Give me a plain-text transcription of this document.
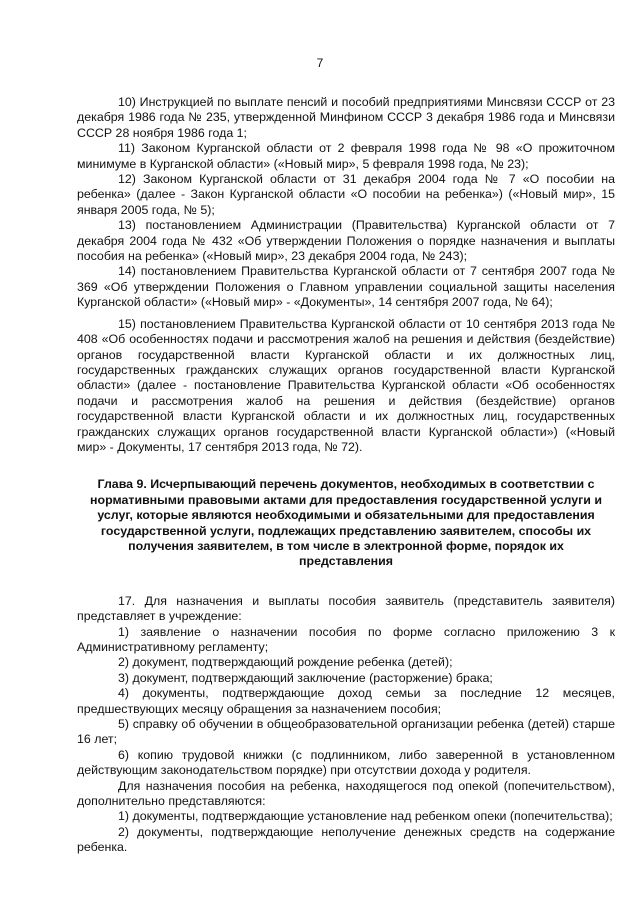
7

10) Инструкцией по выплате пенсий и пособий предприятиями Минсвязи СССР от 23 декабря 1986 года № 235, утвержденной Минфином СССР 3 декабря 1986 года и Минсвязи СССР 28 ноября 1986 года 1;

11) Законом Курганской области от 2 февраля 1998 года № 98 «О прожиточном минимуме в Курганской области» («Новый мир», 5 февраля 1998 года, № 23);

12) Законом Курганской области от 31 декабря 2004 года № 7 «О пособии на ребенка» (далее - Закон Курганской области «О пособии на ребенка») («Новый мир», 15 января 2005 года, № 5);

13) постановлением Администрации (Правительства) Курганской области от 7 декабря 2004 года № 432 «Об утверждении Положения о порядке назначения и выплаты пособия на ребенка» («Новый мир», 23 декабря 2004 года, № 243);

14) постановлением Правительства Курганской области от 7 сентября 2007 года № 369 «Об утверждении Положения о Главном управлении социальной защиты населения Курганской области» («Новый мир» - «Документы», 14 сентября 2007 года, № 64);

15) постановлением Правительства Курганской области от 10 сентября 2013 года № 408 «Об особенностях подачи и рассмотрения жалоб на решения и действия (бездействие) органов государственной власти Курганской области и их должностных лиц, государственных гражданских служащих органов государственной власти Курганской области» (далее - постановление Правительства Курганской области «Об особенностях подачи и рассмотрения жалоб на решения и действия (бездействие) органов государственной власти Курганской области и их должностных лиц, государственных гражданских служащих органов государственной власти Курганской области») («Новый мир» - Документы, 17 сентября 2013 года, № 72).

Глава 9. Исчерпывающий перечень документов, необходимых в соответствии с нормативными правовыми актами для предоставления государственной услуги и услуг, которые являются необходимыми и обязательными для предоставления государственной услуги, подлежащих представлению заявителем, способы их получения заявителем, в том числе в электронной форме, порядок их представления

17. Для назначения и выплаты пособия заявитель (представитель заявителя) представляет в учреждение:

1) заявление о назначении пособия по форме согласно приложению 3 к Административному регламенту;

2) документ, подтверждающий рождение ребенка (детей);

3) документ, подтверждающий заключение (расторжение) брака;

4) документы, подтверждающие доход семьи за последние 12 месяцев, предшествующих месяцу обращения за назначением пособия;

5) справку об обучении в общеобразовательной организации ребенка (детей) старше 16 лет;

6) копию трудовой книжки (с подлинником, либо заверенной в установленном действующим законодательством порядке) при отсутствии дохода у родителя.

Для назначения пособия на ребенка, находящегося под опекой (попечительством), дополнительно представляются:

1) документы, подтверждающие установление над ребенком опеки (попечительства);

2) документы, подтверждающие неполучение денежных средств на содержание ребенка.
